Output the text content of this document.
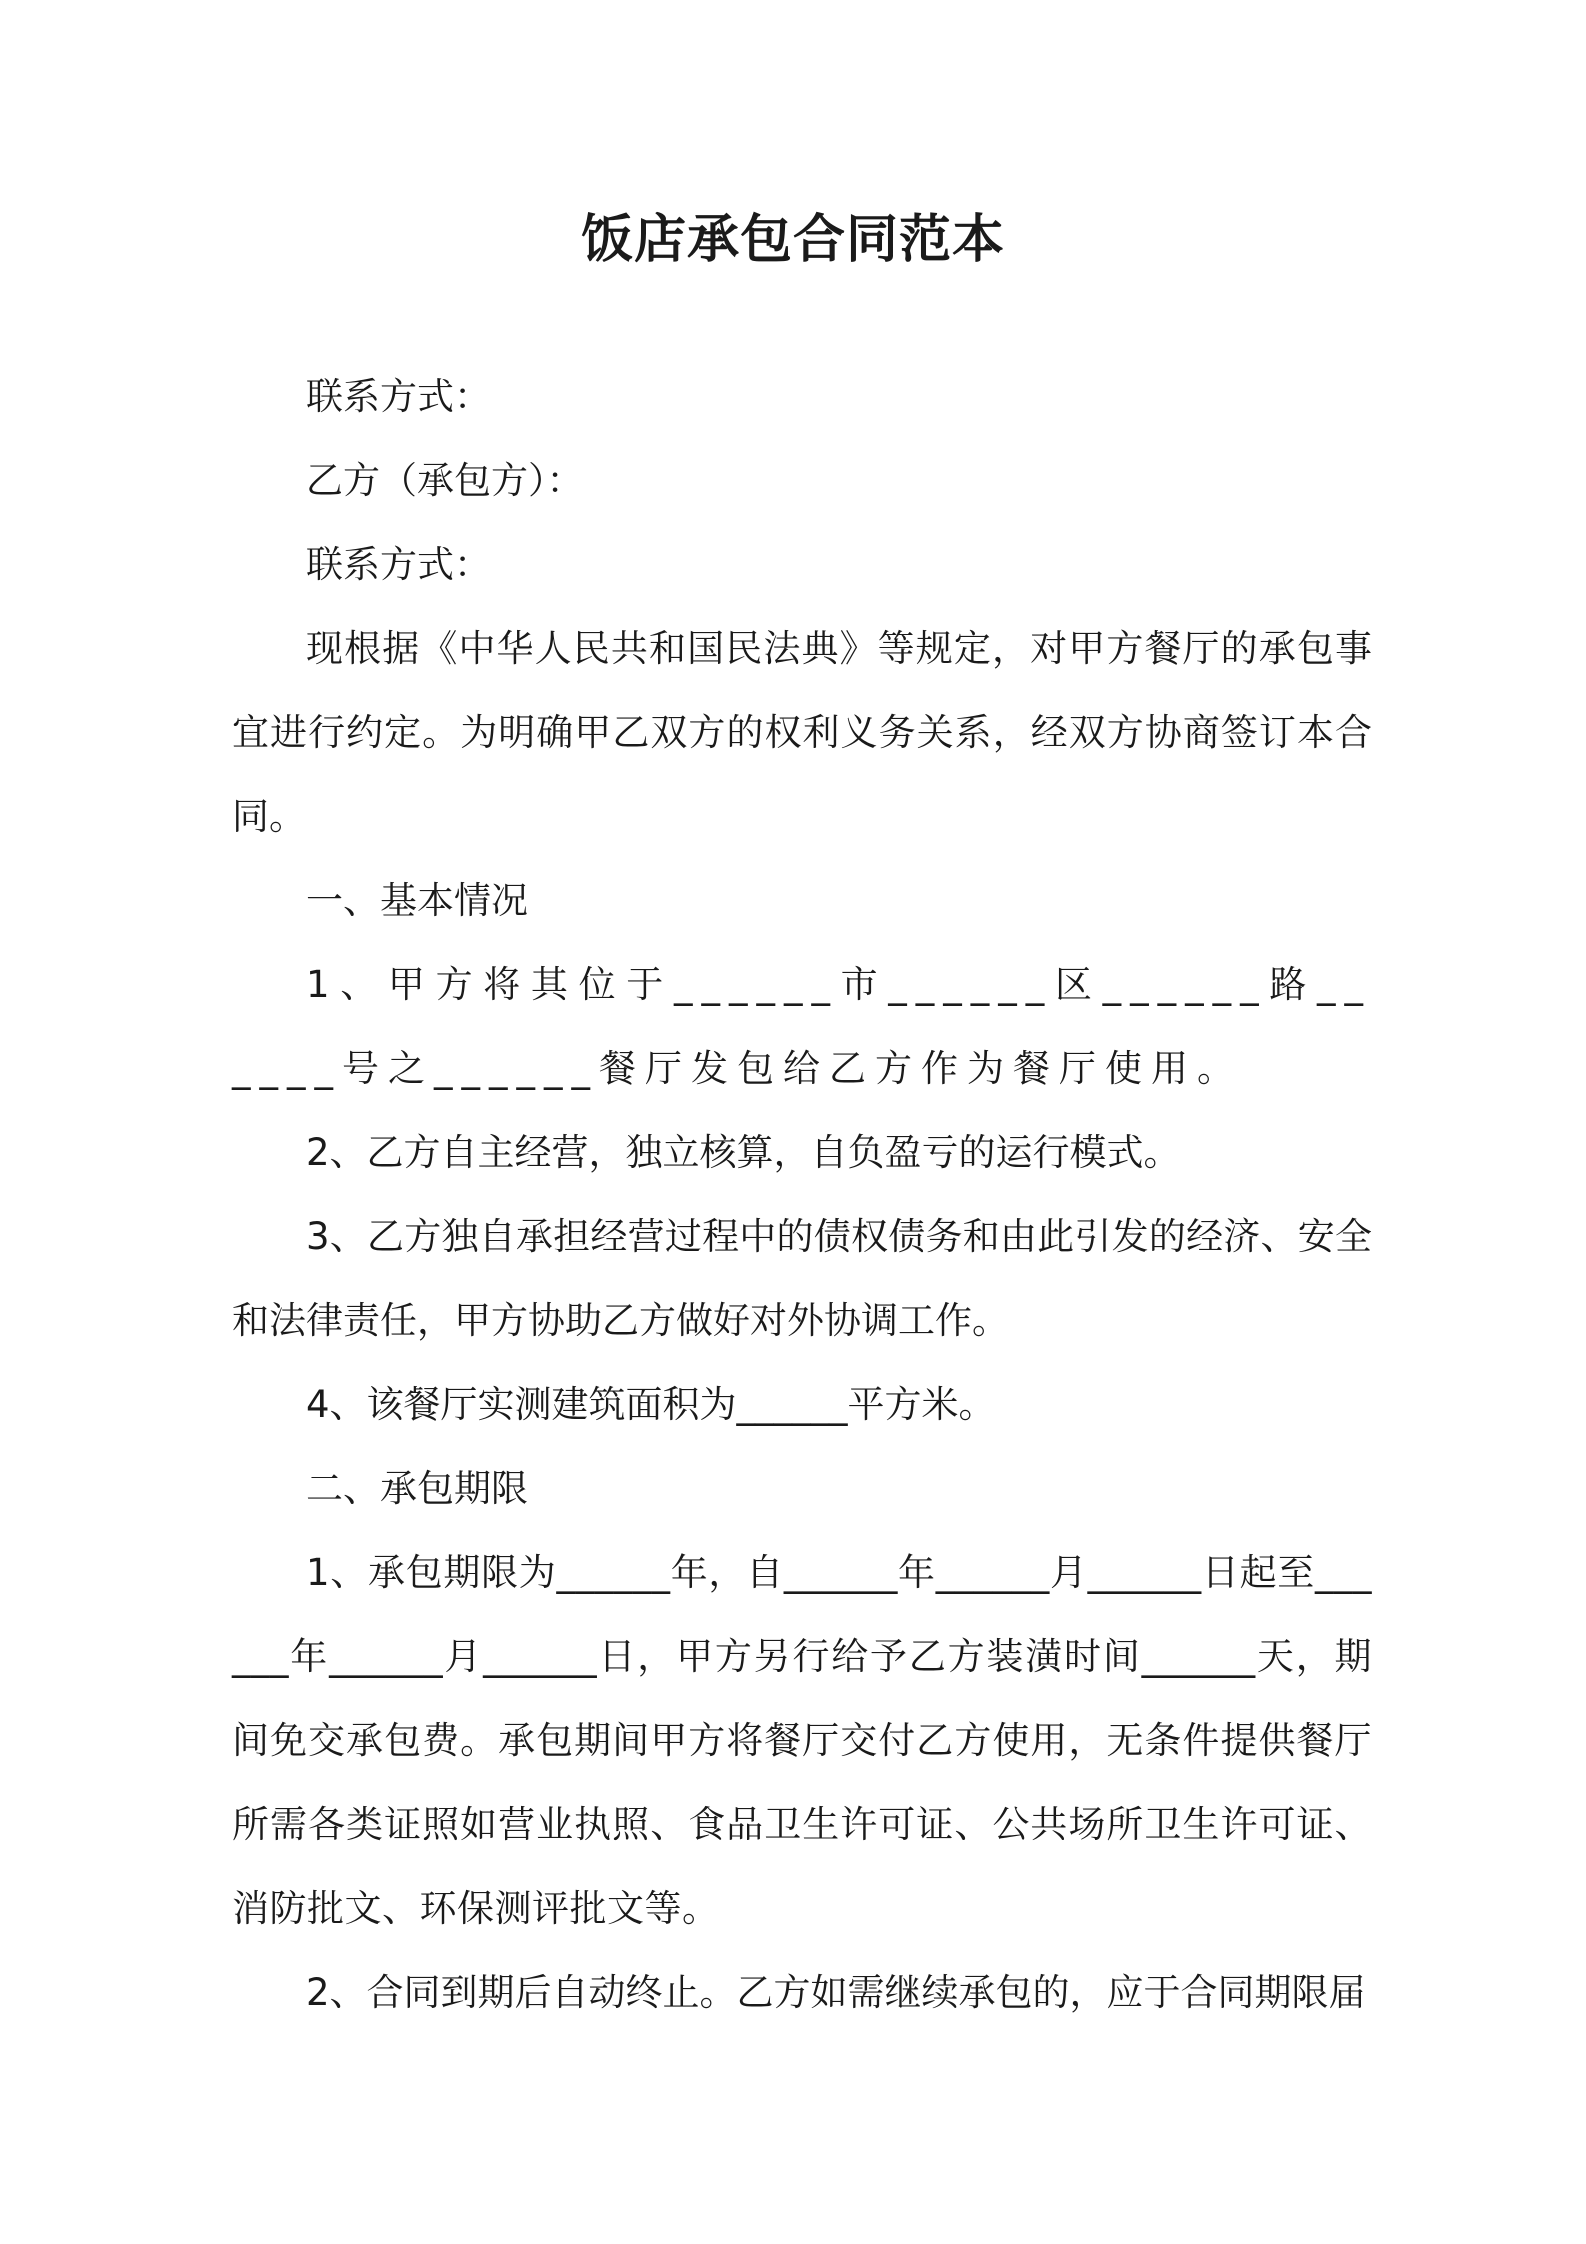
饭店承包合同范本

联系方式：

乙方（承包方）：

联系方式：

现根据《中华人民共和国民法典》等规定，对甲方餐厅的承包事宜进行约定。为明确甲乙双方的权利义务关系，经双方协商签订本合同。

一、基本情况

1、甲方将其位于______市______区______路______号之______餐厅发包给乙方作为餐厅使用。

2、乙方自主经营，独立核算，自负盈亏的运行模式。

3、乙方独自承担经营过程中的债权债务和由此引发的经济、安全和法律责任，甲方协助乙方做好对外协调工作。

4、该餐厅实测建筑面积为______平方米。

二、承包期限

1、承包期限为______年，自______年______月______日起至______年______月______日，甲方另行给予乙方装潢时间______天，期间免交承包费。承包期间甲方将餐厅交付乙方使用，无条件提供餐厅所需各类证照如营业执照、食品卫生许可证、公共场所卫生许可证、消防批文、环保测评批文等。

2、合同到期后自动终止。乙方如需继续承包的，应于合同期限届
